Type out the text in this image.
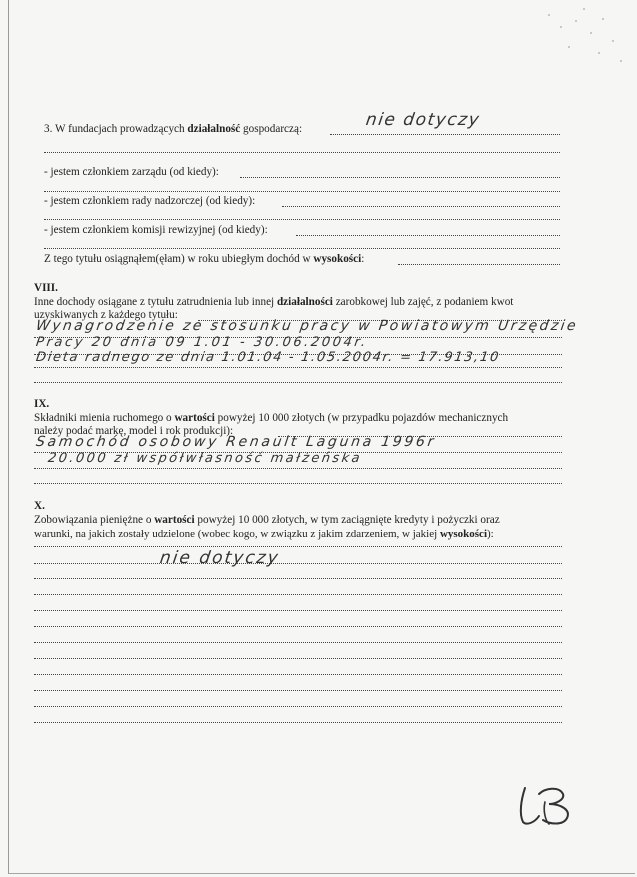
3. W fundacjach prowadzących działalność gospodarczą:	nie dotyczy
- jestem członkiem zarządu (od kiedy):
- jestem członkiem rady nadzorczej (od kiedy):
- jestem członkiem komisji rewizyjnej (od kiedy):
Z tego tytułu osiągnąłem(ęłam) w roku ubiegłym dochód w wysokości:
VIII.
Inne dochody osiągane z tytułu zatrudnienia lub innej działalności zarobkowej lub zajęć, z podaniem kwot
uzyskiwanych z każdego tytułu:
Wynagrodzenie ze stosunku pracy w Powiatowym Urzędzie
Pracy 20 dnia 09 1.01 - 30.06.2004r.
Dieta radnego ze dnia 1.01.04 - 1.05.2004r. = 17.913,10
IX.
Składniki mienia ruchomego o wartości powyżej 10 000 złotych (w przypadku pojazdów mechanicznych
należy podać markę, model i rok produkcji):
Samochód osobowy Renault Laguna 1996r
20.000 zł współwłasność małżeńska
X.
Zobowiązania pieniężne o wartości powyżej 10 000 złotych, w tym zaciągnięte kredyty i pożyczki oraz
warunki, na jakich zostały udzielone (wobec kogo, w związku z jakim zdarzeniem, w jakiej wysokości):
nie dotyczy
